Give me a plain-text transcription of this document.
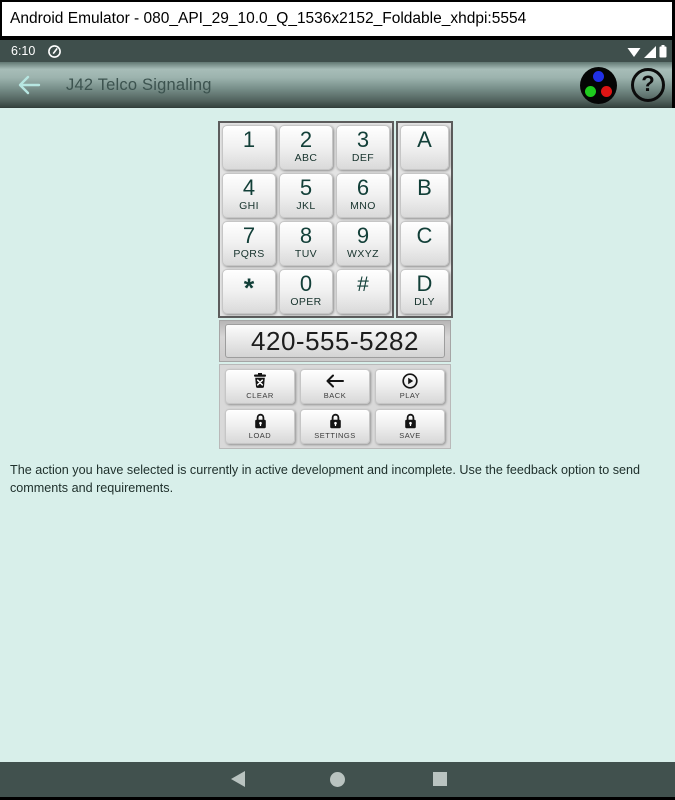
Android Emulator - 080_API_29_10.0_Q_1536x2152_Foldable_xhdpi:5554
6:10
J42 Telco Signaling	?
1 2
ABC
3
DEF
4
GHI
5
JKL
6
MNO
7
PQRS
8
TUV
9
WXYZ
* 0
OPER
#
A
B
C
D
DLY
420-555-5282
CLEAR	BACK	PLAY
LOAD	SETTINGS	SAVE
The action you have selected is currently in active development and incomplete. Use the feedback option to send comments and requirements.
